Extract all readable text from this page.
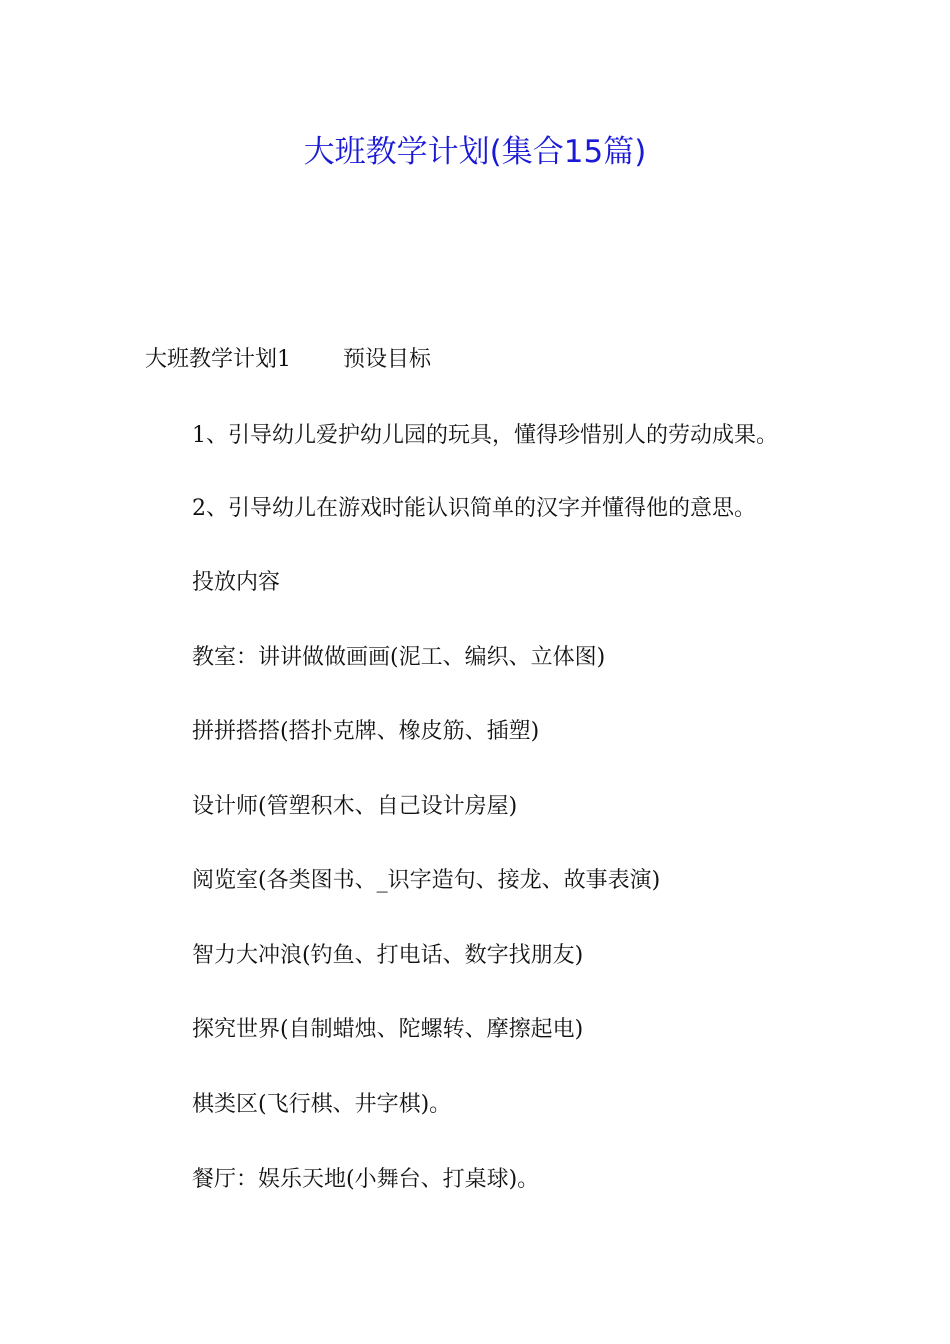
大班教学计划(集合15篇)

大班教学计划1 预设目标

1、引导幼儿爱护幼儿园的玩具，懂得珍惜别人的劳动成果。

2、引导幼儿在游戏时能认识简单的汉字并懂得他的意思。

投放内容

教室：讲讲做做画画(泥工、编织、立体图)

拼拼搭搭(搭扑克牌、橡皮筋、插塑)

设计师(管塑积木、自己设计房屋)

阅览室(各类图书、_识字造句、接龙、故事表演)

智力大冲浪(钓鱼、打电话、数字找朋友)

探究世界(自制蜡烛、陀螺转、摩擦起电)

棋类区(飞行棋、井字棋)。

餐厅：娱乐天地(小舞台、打桌球)。
